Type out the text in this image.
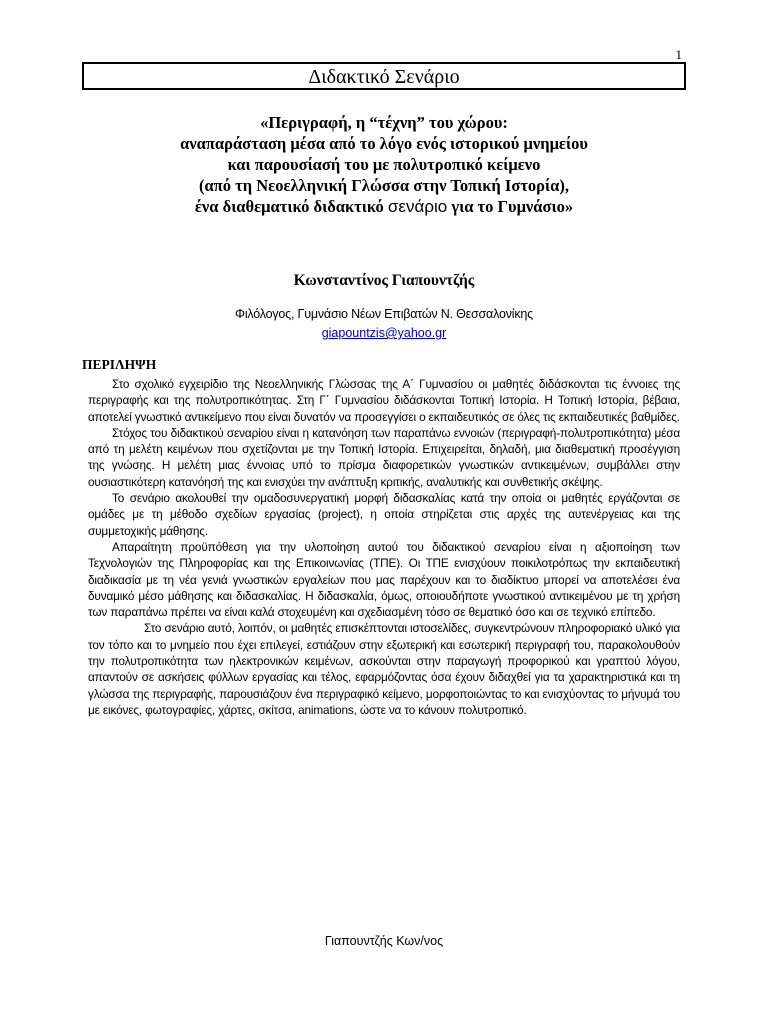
1
Διδακτικό Σενάριο
«Περιγραφή, η “τέχνη” του χώρου:
αναπαράσταση μέσα από το λόγο ενός ιστορικού μνημείου
και παρουσίασή του με πολυτροπικό κείμενο
(από τη Νεοελληνική Γλώσσα στην Τοπική Ιστορία),
ένα διαθεματικό διδακτικό σενάριο για το Γυμνάσιο»
Κωνσταντίνος Γιαπουντζής
Φιλόλογος, Γυμνάσιο Νέων Επιβατών Ν. Θεσσαλονίκης
giapountzis@yahoo.gr
ΠΕΡΙΛΗΨΗ

Στο σχολικό εγχειρίδιο της Νεοελληνικής Γλώσσας της Α΄ Γυμνασίου οι μαθητές διδάσκονται τις έννοιες της περιγραφής και της πολυτροπικότητας. Στη Γ΄ Γυμνασίου διδάσκονται Τοπική Ιστορία. Η Τοπική Ιστορία, βέβαια, αποτελεί γνωστικό αντικείμενο που είναι δυνατόν να προσεγγίσει ο εκπαιδευτικός σε όλες τις εκπαιδευτικές βαθμίδες.

Στόχος του διδακτικού σεναρίου είναι η κατανόηση των παραπάνω εννοιών (περιγραφή-πολυτροπικότητα) μέσα από τη μελέτη κειμένων που σχετίζονται με την Τοπική Ιστορία. Επιχειρείται, δηλαδή, μια διαθεματική προσέγγιση της γνώσης. Η μελέτη μιας έννοιας υπό το πρίσμα διαφορετικών γνωστικών αντικειμένων, συμβάλλει στην ουσιαστικότερη κατανόησή της και ενισχύει την ανάπτυξη κριτικής, αναλυτικής και συνθετικής σκέψης.

Το σενάριο ακολουθεί την ομαδοσυνεργατική μορφή διδασκαλίας κατά την οποία οι μαθητές εργάζονται σε ομάδες με τη μέθοδο σχεδίων εργασίας (project), η οποία στηρίζεται στις αρχές της αυτενέργειας και της συμμετοχικής μάθησης.

Απαραίτητη προϋπόθεση για την υλοποίηση αυτού του διδακτικού σεναρίου είναι η αξιοποίηση των Τεχνολογιών της Πληροφορίας και της Επικοινωνίας (ΤΠΕ). Οι ΤΠΕ ενισχύουν ποικιλοτρόπως την εκπαιδευτική διαδικασία με τη νέα γενιά γνωστικών εργαλείων που μας παρέχουν και το διαδίκτυο μπορεί να αποτελέσει ένα δυναμικό μέσο μάθησης και διδασκαλίας. Η διδασκαλία, όμως, οποιουδήποτε γνωστικού αντικειμένου με τη χρήση των παραπάνω πρέπει να είναι καλά στοχευμένη και σχεδιασμένη τόσο σε θεματικό όσο και σε τεχνικό επίπεδο.

Στο σενάριο αυτό, λοιπόν, οι μαθητές επισκέπτονται ιστοσελίδες, συγκεντρώνουν πληροφοριακό υλικό για τον τόπο και το μνημείο που έχει επιλεγεί, εστιάζουν στην εξωτερική και εσωτερική περιγραφή του, παρακολουθούν την πολυτροπικότητα των ηλεκτρονικών κειμένων, ασκούνται στην παραγωγή προφορικού και γραπτού λόγου, απαντούν σε ασκήσεις φύλλων εργασίας και τέλος, εφαρμόζοντας όσα έχουν διδαχθεί για τα χαρακτηριστικά και τη γλώσσα της περιγραφής, παρουσιάζουν ένα περιγραφικό κείμενο, μορφοποιώντας το και ενισχύοντας το μήνυμά του με εικόνες, φωτογραφίες, χάρτες, σκίτσα, animations, ώστε να το κάνουν πολυτροπικό.

Γιαπουντζής Κων/νος
